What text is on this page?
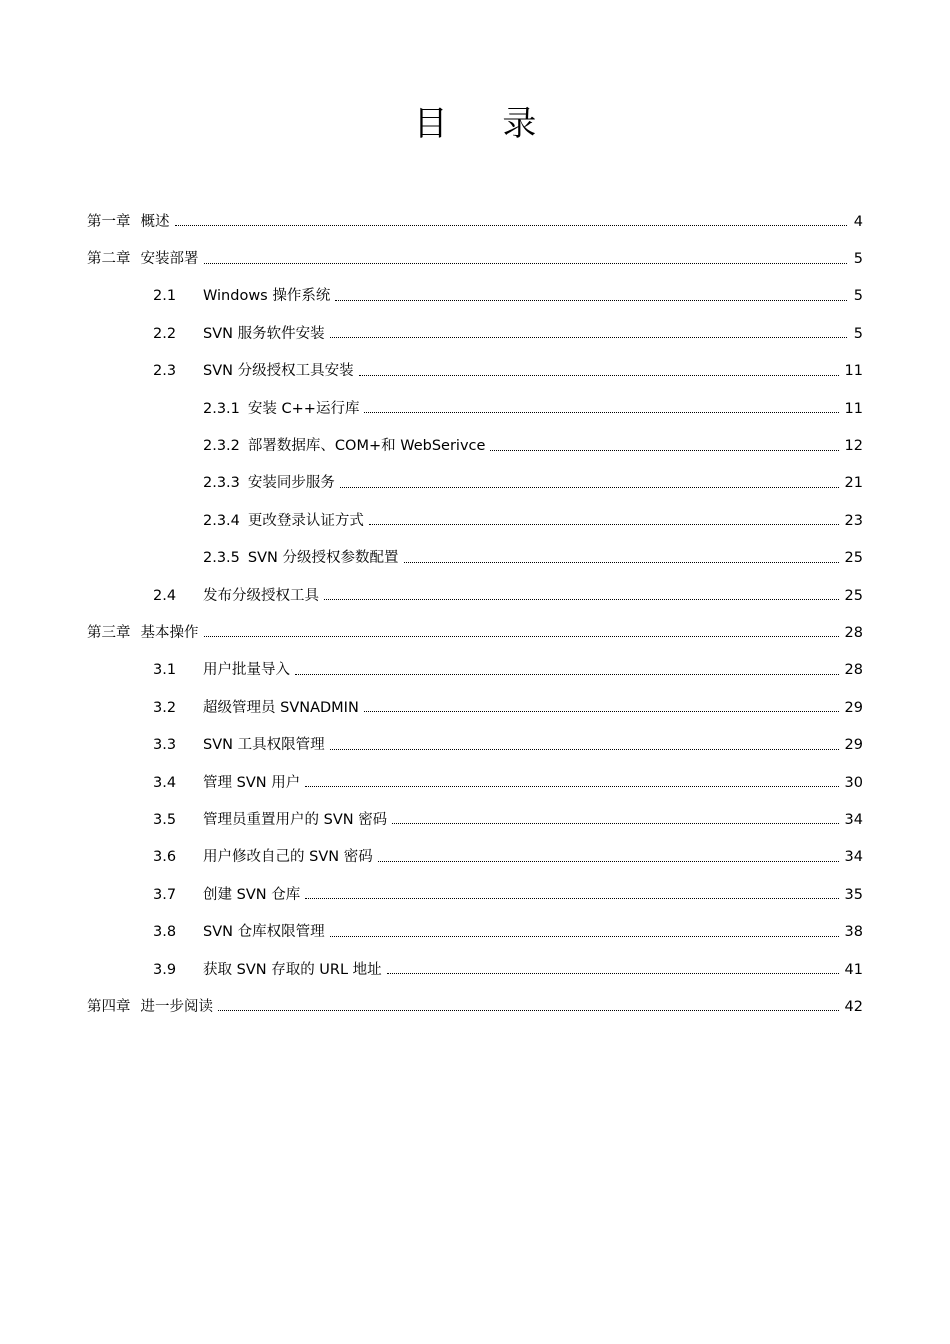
目 录
第一章 概述	4
第二章 安装部署	5
2.1	Windows 操作系统	5
2.2	SVN 服务软件安装	5
2.3	SVN 分级授权工具安装	11
2.3.1 安装 C++运行库	11
2.3.2 部署数据库、COM+和 WebSerivce	12
2.3.3 安装同步服务	21
2.3.4 更改登录认证方式	23
2.3.5 SVN 分级授权参数配置	25
2.4	发布分级授权工具	25
第三章 基本操作	28
3.1	用户批量导入	28
3.2	超级管理员 SVNADMIN	29
3.3	SVN 工具权限管理	29
3.4	管理 SVN 用户	30
3.5	管理员重置用户的 SVN 密码	34
3.6	用户修改自己的 SVN 密码	34
3.7	创建 SVN 仓库	35
3.8	SVN 仓库权限管理	38
3.9	获取 SVN 存取的 URL 地址	41
第四章 进一步阅读	42
